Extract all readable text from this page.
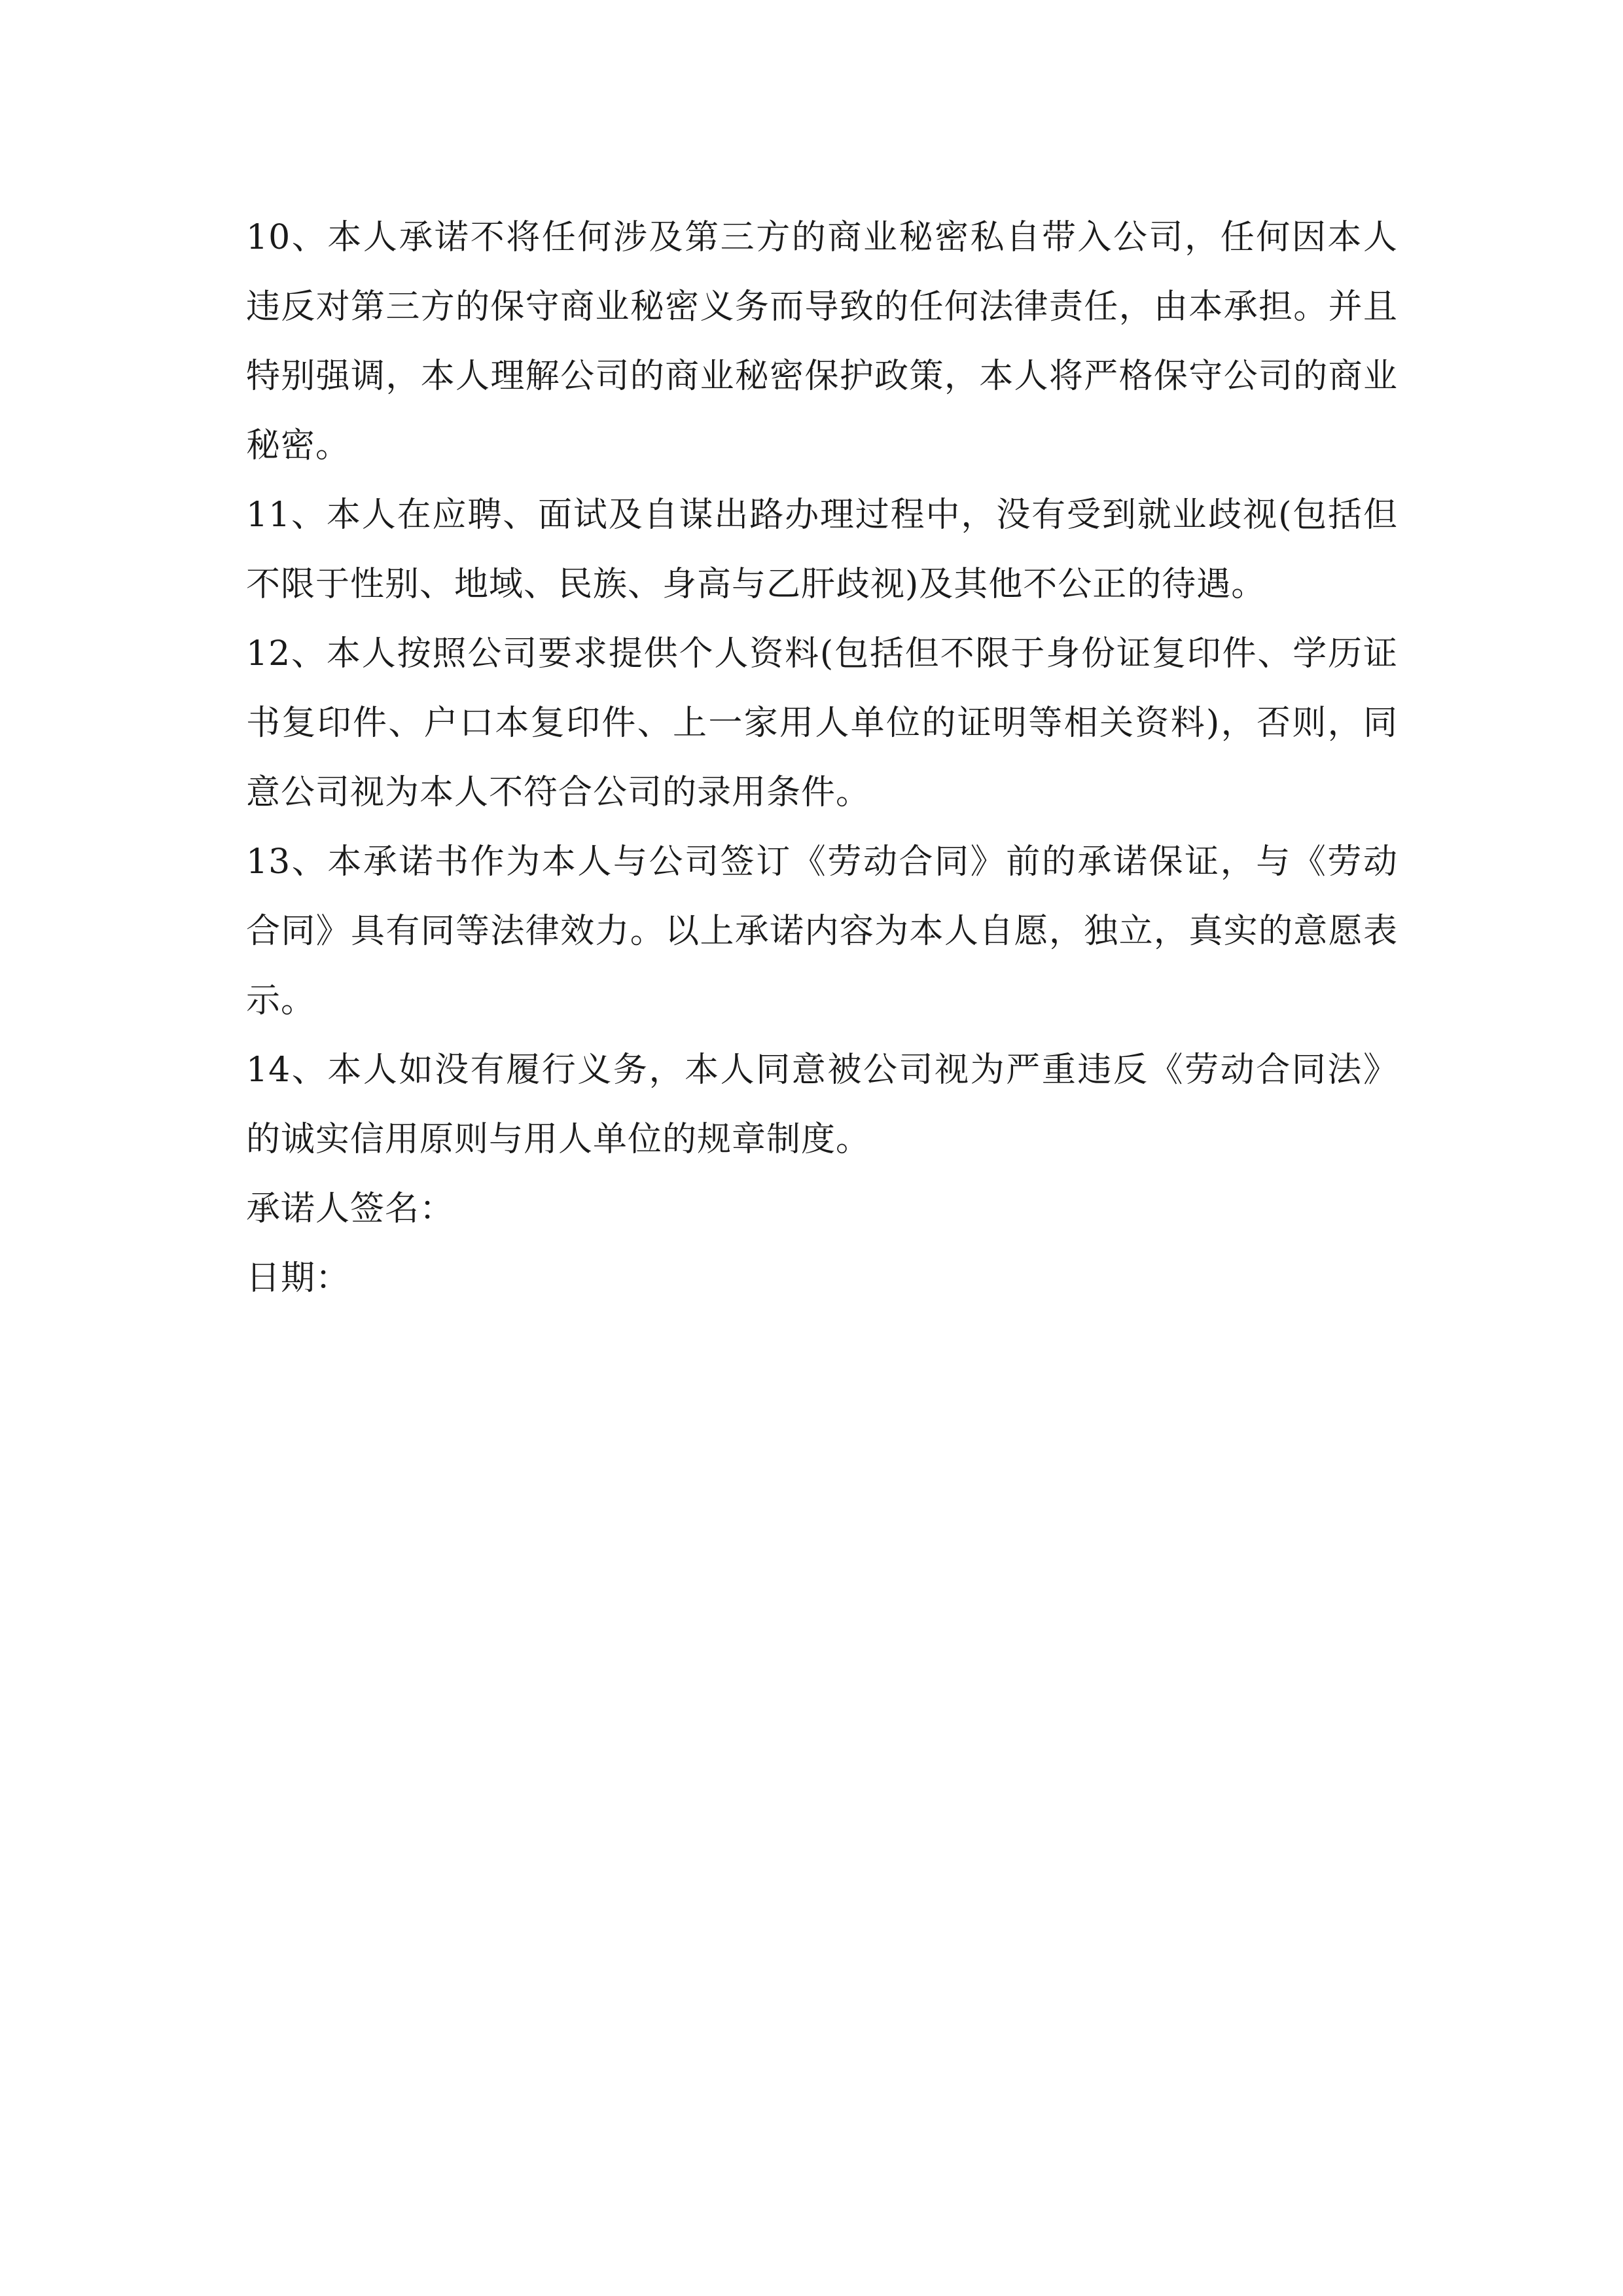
10、本人承诺不将任何涉及第三方的商业秘密私自带入公司，任何因本人违反对第三方的保守商业秘密义务而导致的任何法律责任，由本承担。并且特别强调，本人理解公司的商业秘密保护政策，本人将严格保守公司的商业秘密。

11、本人在应聘、面试及自谋出路办理过程中，没有受到就业歧视(包括但不限于性别、地域、民族、身高与乙肝歧视)及其他不公正的待遇。

12、本人按照公司要求提供个人资料(包括但不限于身份证复印件、学历证书复印件、户口本复印件、上一家用人单位的证明等相关资料)，否则，同意公司视为本人不符合公司的录用条件。

13、本承诺书作为本人与公司签订《劳动合同》前的承诺保证，与《劳动合同》具有同等法律效力。以上承诺内容为本人自愿，独立，真实的意愿表示。

14、本人如没有履行义务，本人同意被公司视为严重违反《劳动合同法》的诚实信用原则与用人单位的规章制度。

承诺人签名：

日期：
